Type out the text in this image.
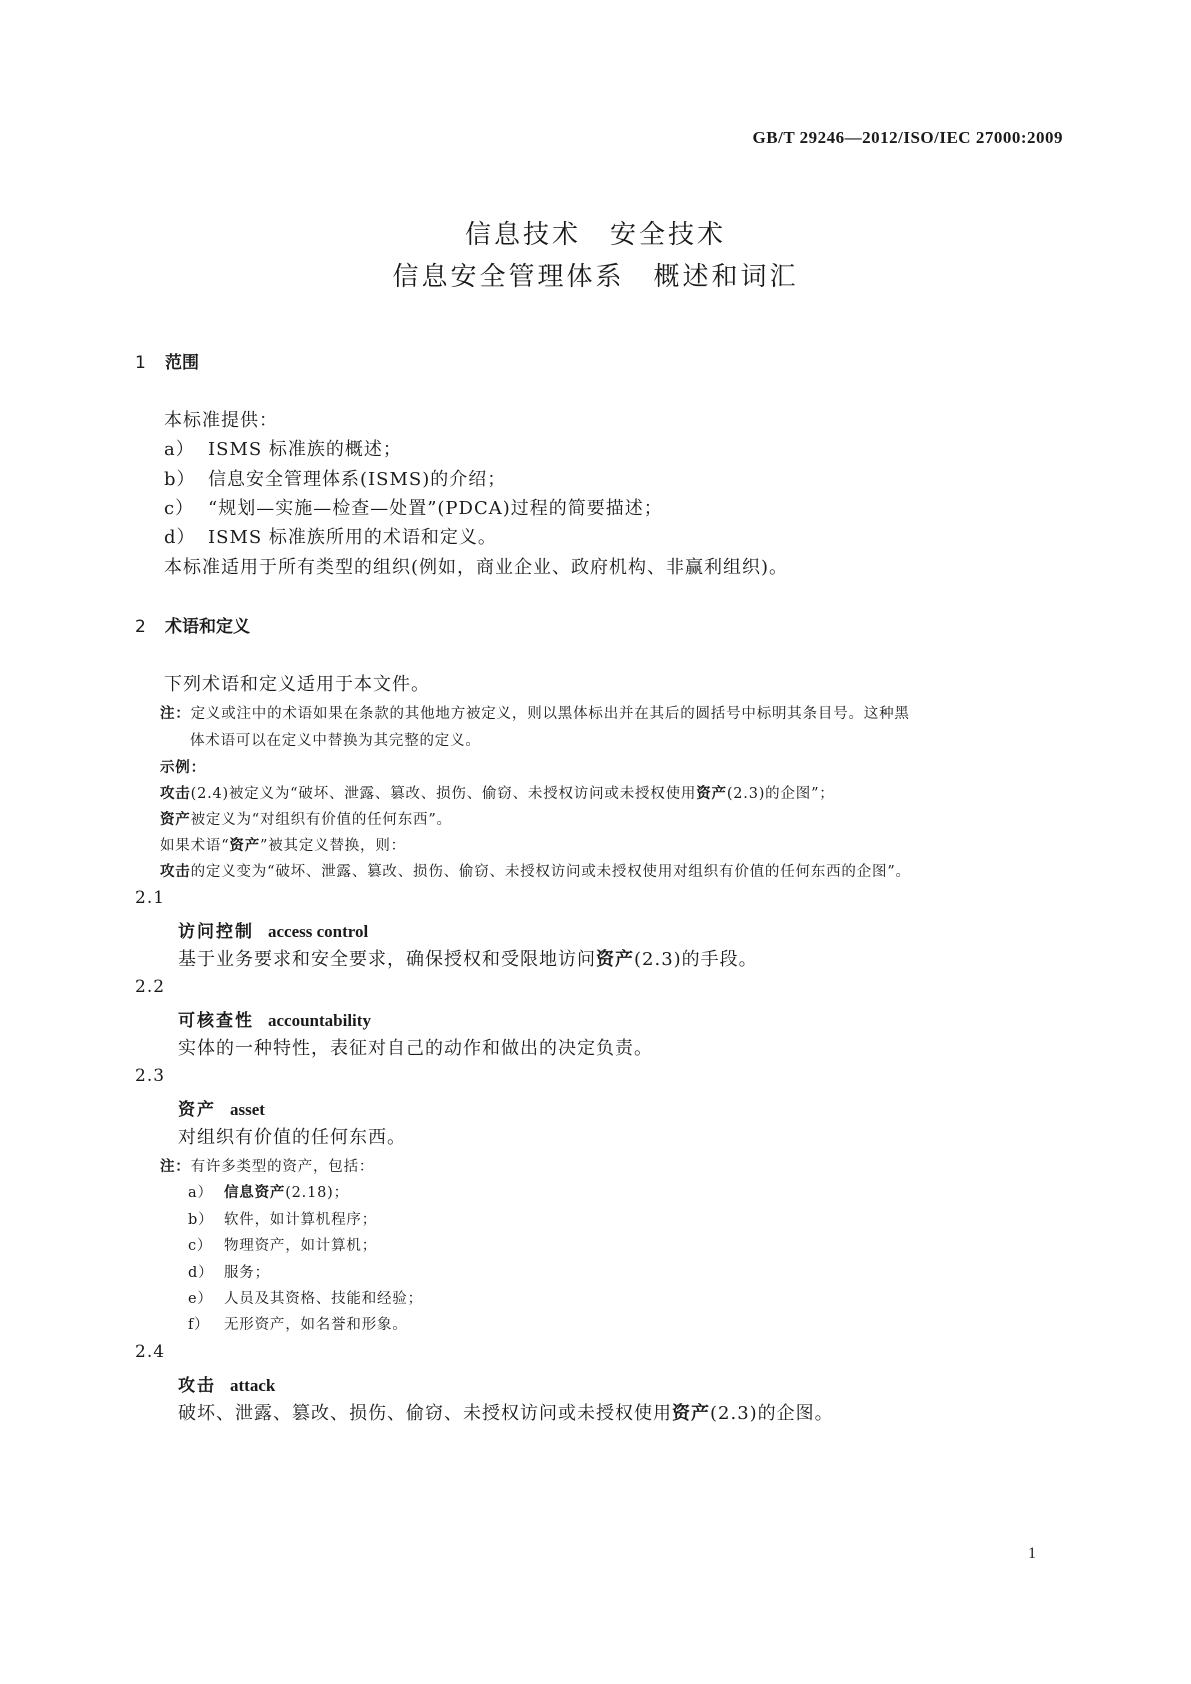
GB/T 29246—2012/ISO/IEC 27000:2009
信息技术　安全技术
信息安全管理体系　概述和词汇
1 范围
本标准提供：
a） ISMS 标准族的概述；
b） 信息安全管理体系(ISMS)的介绍；
c） “规划—实施—检查—处置”(PDCA)过程的简要描述；
d） ISMS 标准族所用的术语和定义。
本标准适用于所有类型的组织(例如，商业企业、政府机构、非赢利组织)。
2 术语和定义
下列术语和定义适用于本文件。
注：定义或注中的术语如果在条款的其他地方被定义，则以黑体标出并在其后的圆括号中标明其条目号。这种黑
体术语可以在定义中替换为其完整的定义。
示例：
攻击(2.4)被定义为“破坏、泄露、篡改、损伤、偷窃、未授权访问或未授权使用资产(2.3)的企图”；
资产被定义为“对组织有价值的任何东西”。
如果术语“资产”被其定义替换，则：
攻击的定义变为“破坏、泄露、篡改、损伤、偷窃、未授权访问或未授权使用对组织有价值的任何东西的企图”。
2.1
访问控制 access control
基于业务要求和安全要求，确保授权和受限地访问资产(2.3)的手段。
2.2
可核查性 accountability
实体的一种特性，表征对自己的动作和做出的决定负责。
2.3
资产 asset
对组织有价值的任何东西。
注：有许多类型的资产，包括：
a） 信息资产(2.18)；
b） 软件，如计算机程序；
c） 物理资产，如计算机；
d） 服务；
e） 人员及其资格、技能和经验；
f） 无形资产，如名誉和形象。
2.4
攻击 attack
破坏、泄露、篡改、损伤、偷窃、未授权访问或未授权使用资产(2.3)的企图。
1
